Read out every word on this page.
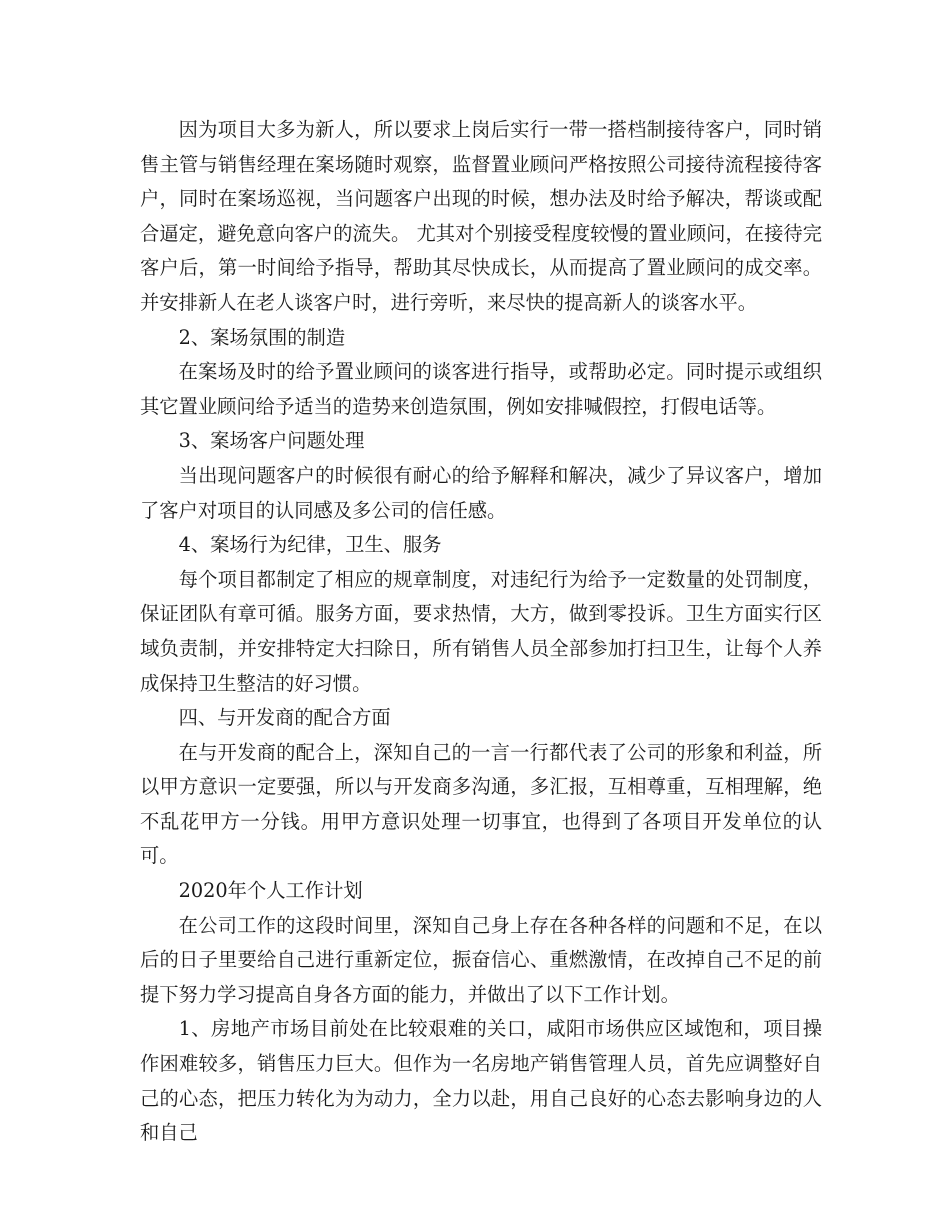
因为项目大多为新人，所以要求上岗后实行一带一搭档制接待客户，同时销售主管与销售经理在案场随时观察，监督置业顾问严格按照公司接待流程接待客户，同时在案场巡视，当问题客户出现的时候，想办法及时给予解决，帮谈或配合逼定，避免意向客户的流失。 尤其对个别接受程度较慢的置业顾问，在接待完客户后，第一时间给予指导，帮助其尽快成长，从而提高了置业顾问的成交率。并安排新人在老人谈客户时，进行旁听，来尽快的提高新人的谈客水平。

2、案场氛围的制造

在案场及时的给予置业顾问的谈客进行指导，或帮助必定。同时提示或组织其它置业顾问给予适当的造势来创造氛围，例如安排喊假控，打假电话等。

3、案场客户问题处理

当出现问题客户的时候很有耐心的给予解释和解决，减少了异议客户，增加了客户对项目的认同感及多公司的信任感。

4、案场行为纪律，卫生、服务

每个项目都制定了相应的规章制度，对违纪行为给予一定数量的处罚制度，保证团队有章可循。服务方面，要求热情，大方，做到零投诉。卫生方面实行区域负责制，并安排特定大扫除日，所有销售人员全部参加打扫卫生，让每个人养成保持卫生整洁的好习惯。

四、与开发商的配合方面

在与开发商的配合上，深知自己的一言一行都代表了公司的形象和利益，所以甲方意识一定要强，所以与开发商多沟通，多汇报，互相尊重，互相理解，绝不乱花甲方一分钱。用甲方意识处理一切事宜，也得到了各项目开发单位的认可。

2020年个人工作计划

在公司工作的这段时间里，深知自己身上存在各种各样的问题和不足，在以后的日子里要给自己进行重新定位，振奋信心、重燃激情，在改掉自己不足的前提下努力学习提高自身各方面的能力，并做出了以下工作计划。

1、房地产市场目前处在比较艰难的关口，咸阳市场供应区域饱和，项目操作困难较多，销售压力巨大。但作为一名房地产销售管理人员，首先应调整好自己的心态，把压力转化为为动力，全力以赴，用自己良好的心态去影响身边的人和自己
